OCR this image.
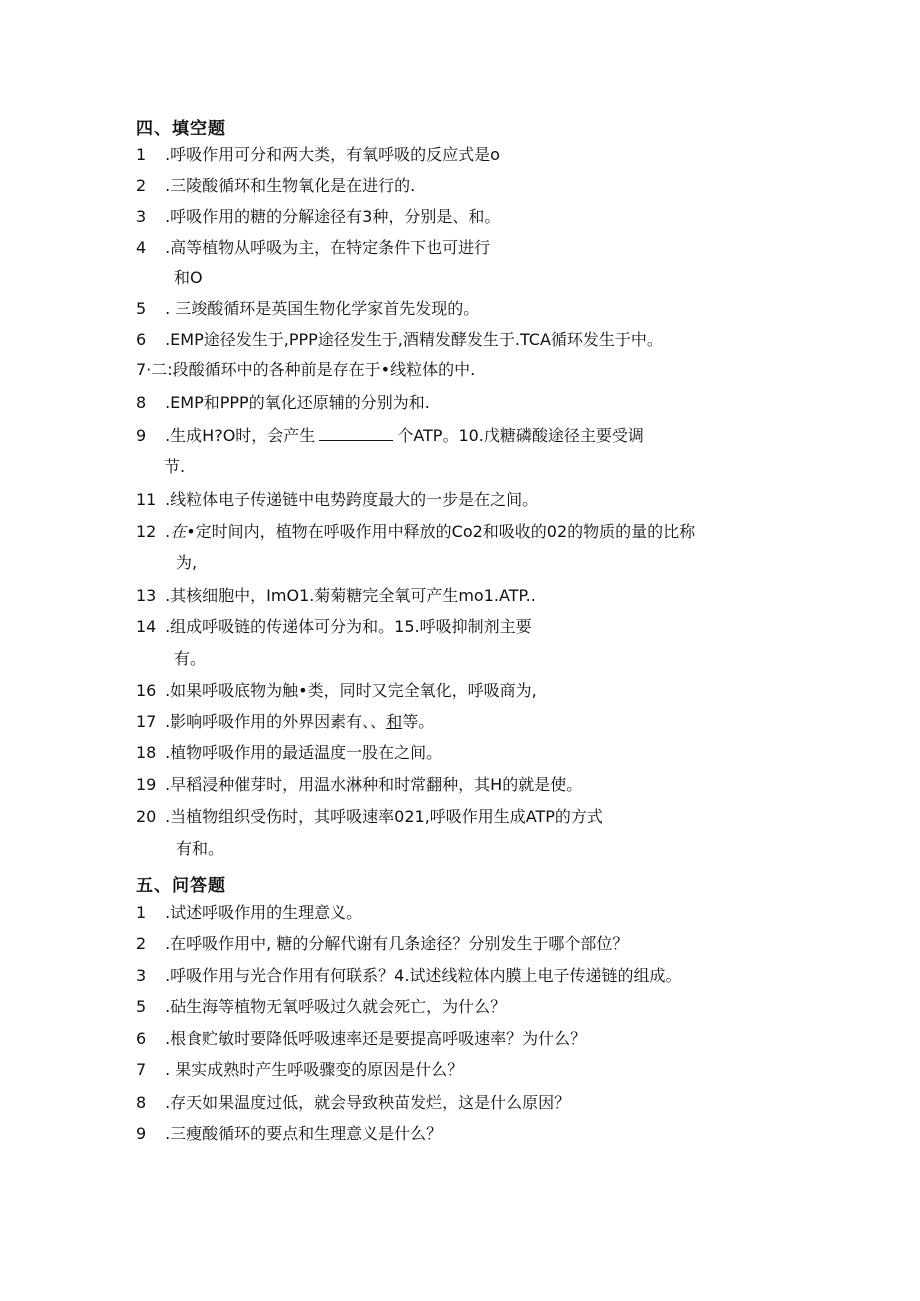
四、填空题
1 .呼吸作用可分和两大类，有氧呼吸的反应式是o
2 .三陵酸循环和生物氧化是在进行的.
3 .呼吸作用的糖的分解途径有3种，分别是、和。
4 .高等植物从呼吸为主，在特定条件下也可进行
和O
5 . 三竣酸循环是英国生物化学家首先发现的。
6 .EMP途径发生于,PPP途径发生于,酒精发酵发生于.TCA循环发生于中。
7·二:段酸循环中的各种前是存在于•线粒体的中.
8 .EMP和PPP的氧化还原辅的分别为和.
9 .生成H?O时，会产生	个ATP。10.戊糖磷酸途径主要受调
节.
11 .线粒体电子传递链中电势跨度最大的一步是在之间。
12 .在•定时间内，植物在呼吸作用中释放的Co2和吸收的02的物质的量的比称
为,
13 .其核细胞中，ImO1.菊菊糖完全氧可产生mo1.ATP..
14 .组成呼吸链的传递体可分为和。15.呼吸抑制剂主要
有。
16 .如果呼吸底物为触•类，同时又完全氧化，呼吸商为,
17 .影响呼吸作用的外界因素有、、和等。
18 .植物呼吸作用的最适温度一股在之间。
19 .早稻浸种催芽时，用温水淋种和时常翻种，其H的就是使。
20 .当植物组织受伤时，其呼吸速率021,呼吸作用生成ATP的方式
有和。
五、问答题
1 .试述呼吸作用的生理意义。
2 .在呼吸作用中, 糖的分解代谢有几条途径？分别发生于哪个部位？
3 .呼吸作用与光合作用有何联系？4.试述线粒体内膜上电子传递链的组成。
5 .砧生海等植物无氧呼吸过久就会死亡，为什么？
6 .根食贮敏时要降低呼吸速率还是要提高呼吸速率？为什么？
7 . 果实成熟时产生呼吸骤变的原因是什么？
8 .存天如果温度过低，就会导致秧苗发烂，这是什么原因？
9 .三瘦酸循环的要点和生理意义是什么？
